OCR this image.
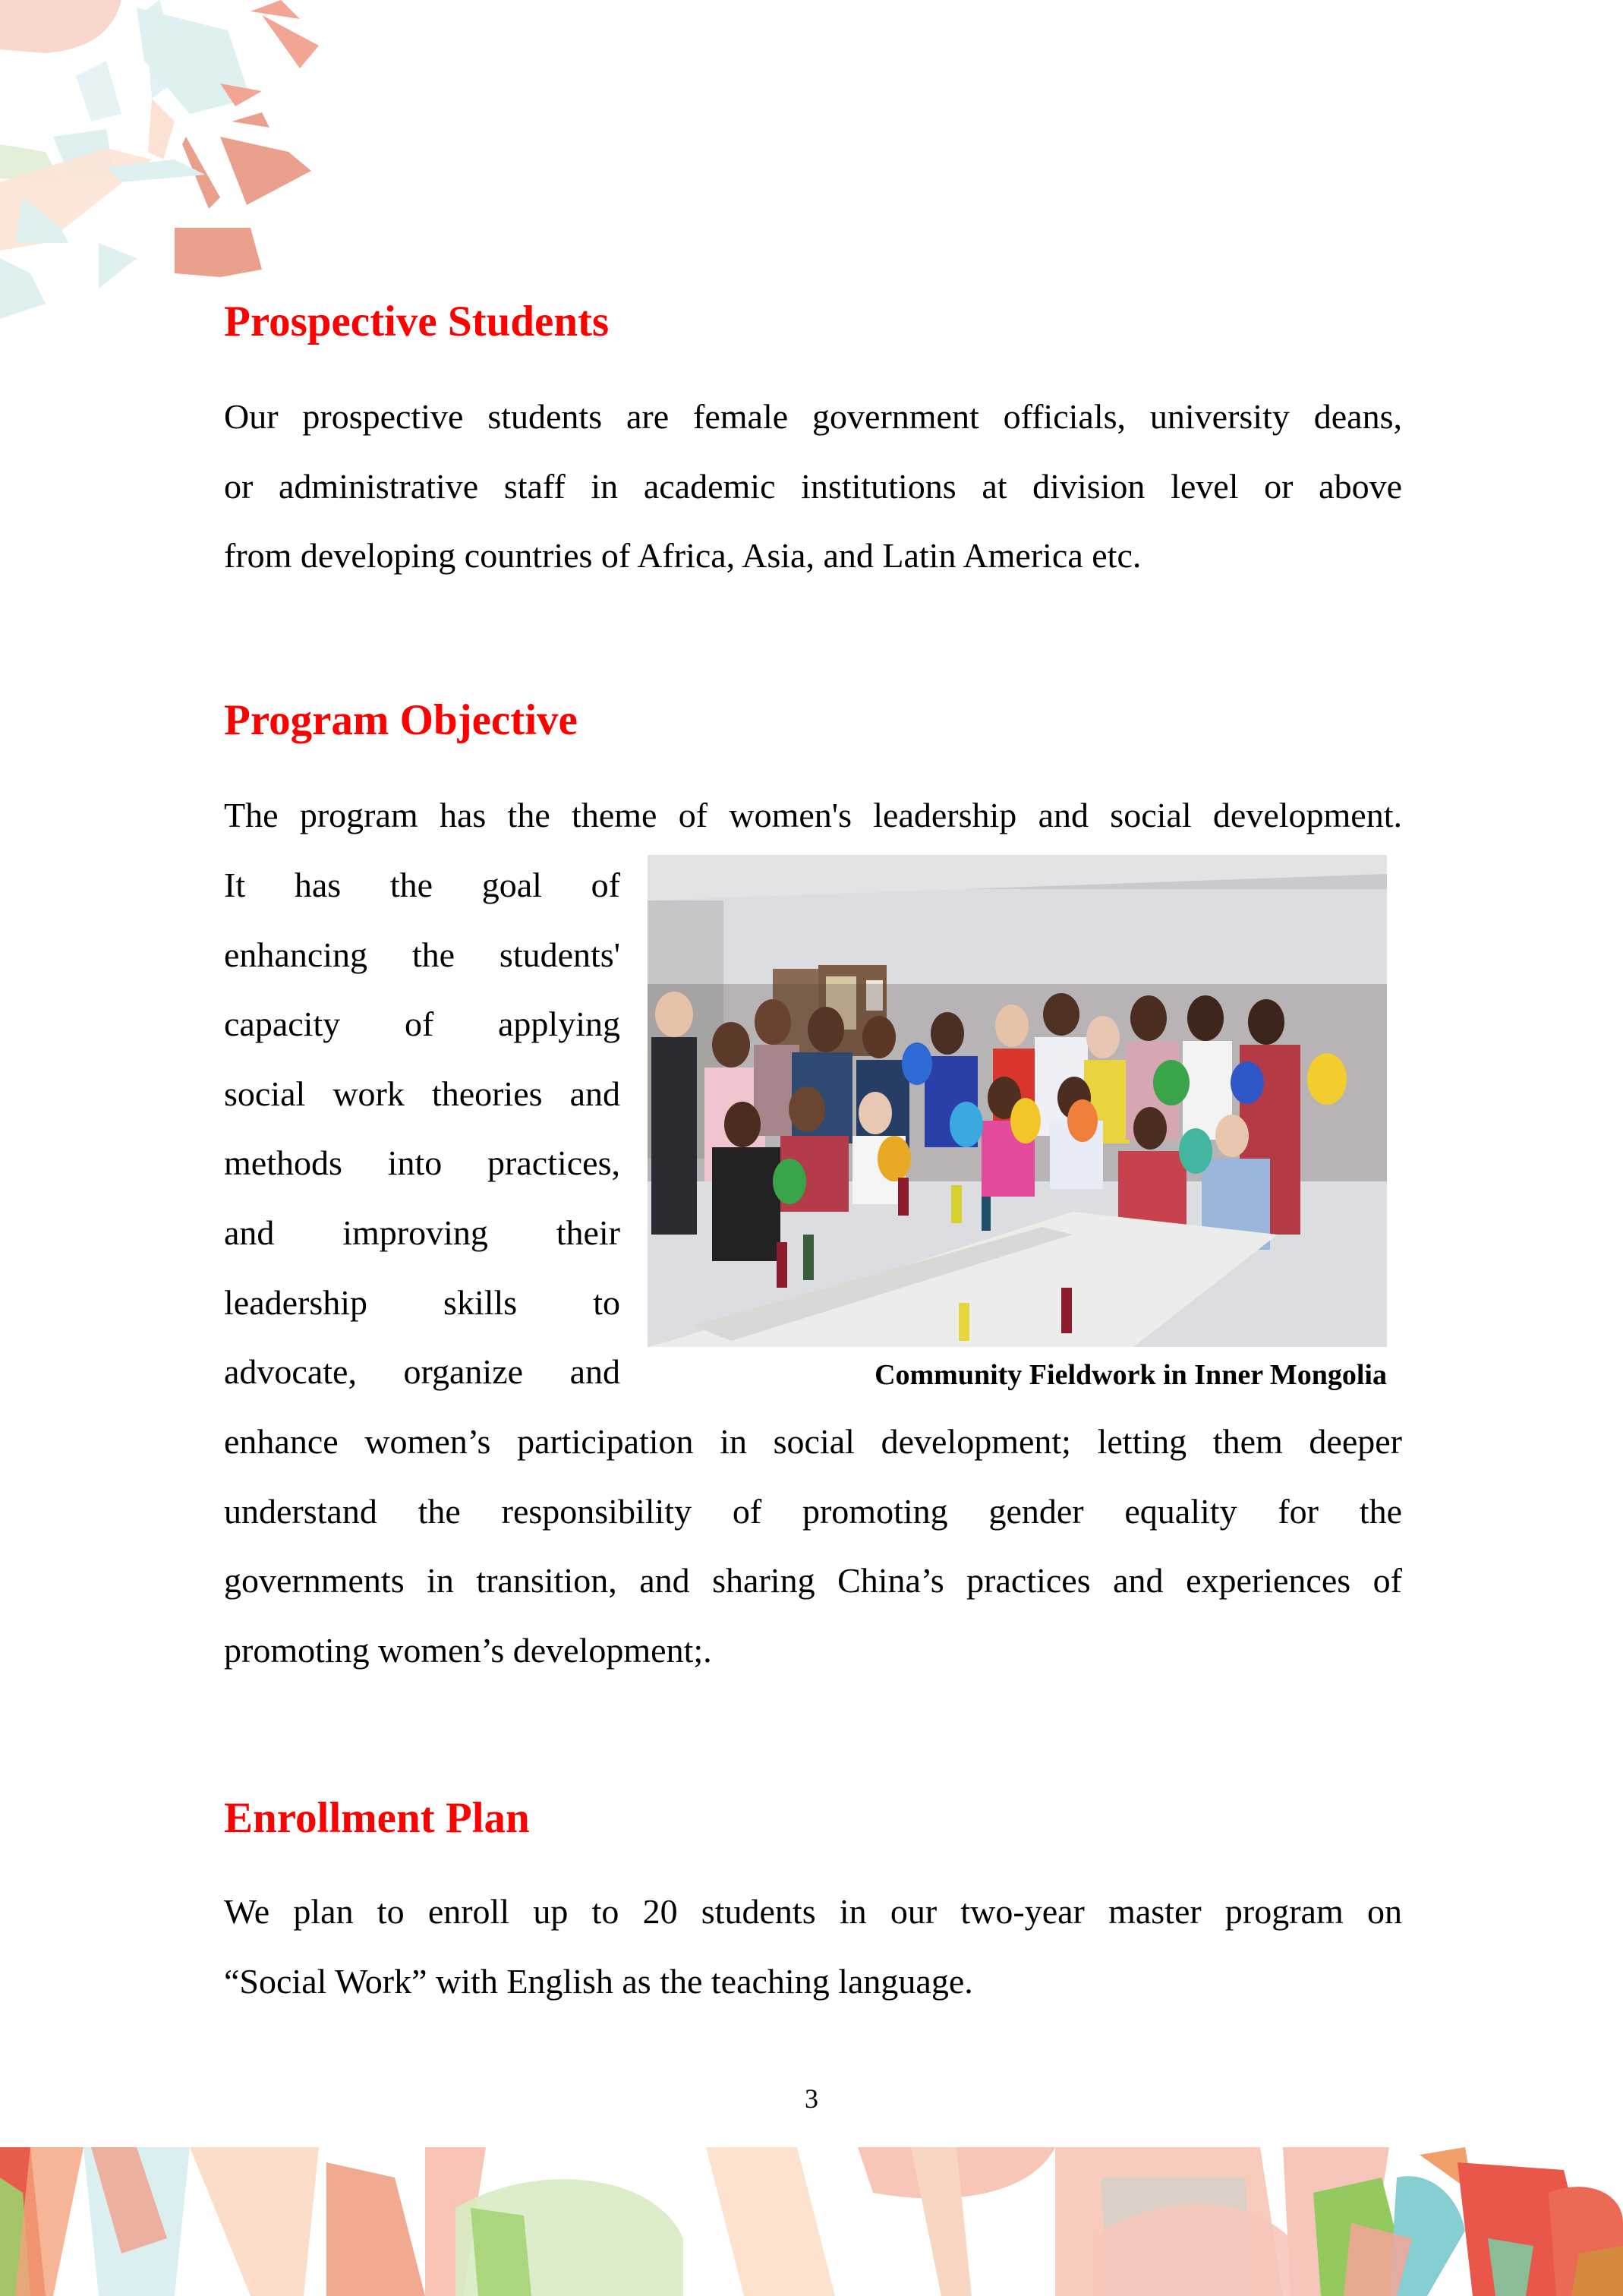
Prospective Students

Our prospective students are female government officials, university deans,
or administrative staff in academic institutions at division level or above
from developing countries of Africa, Asia, and Latin America etc.

Program Objective

The program has the theme of women's leadership and social development.

It has the goal of
enhancing the students'
capacity of applying
social work theories and
methods into practices,
and improving their
leadership skills to
advocate, organize and	Community Fieldwork in Inner Mongolia

enhance women’s participation in social development; letting them deeper
understand the responsibility of promoting gender equality for the
governments in transition, and sharing China’s practices and experiences of
promoting women’s development;.

Enrollment Plan

We plan to enroll up to 20 students in our two-year master program on
“Social Work” with English as the teaching language.

3
